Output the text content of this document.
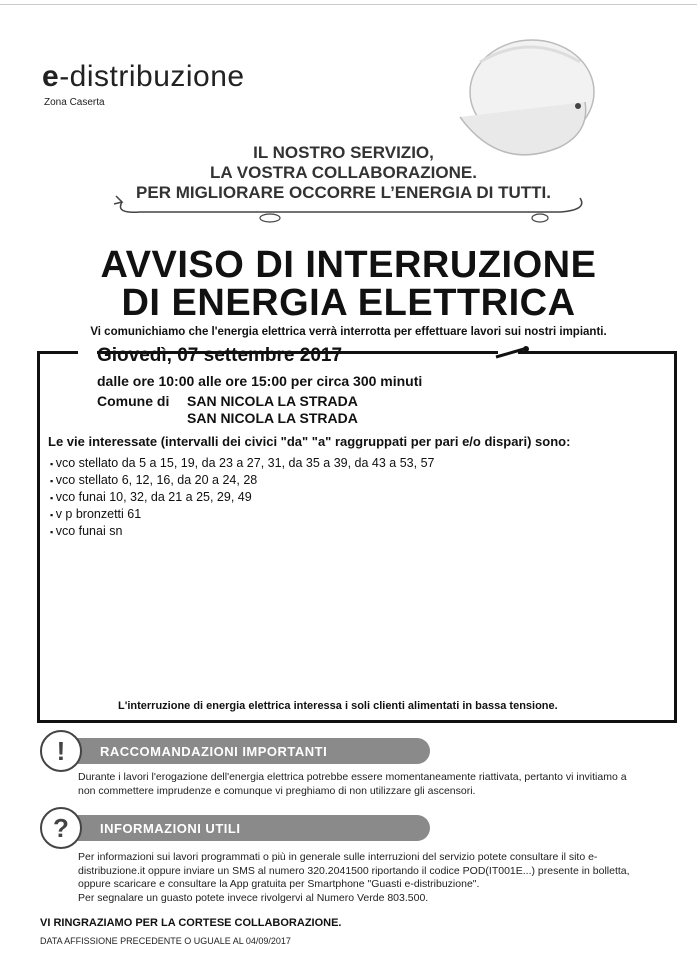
e-distribuzione
Zona Caserta
IL NOSTRO SERVIZIO,
LA VOSTRA COLLABORAZIONE.
PER MIGLIORARE OCCORRE L’ENERGIA DI TUTTI.
AVVISO DI INTERRUZIONE
DI ENERGIA ELETTRICA
Vi comunichiamo che l'energia elettrica verrà interrotta per effettuare lavori sui nostri impianti.
Giovedì, 07 settembre 2017
dalle ore 10:00 alle ore 15:00 per circa 300 minuti
Comune di SAN NICOLA LA STRADA
SAN NICOLA LA STRADA
Le vie interessate (intervalli dei civici "da" "a" raggruppati per pari e/o dispari) sono:
▪ vco stellato da 5 a 15, 19, da 23 a 27, 31, da 35 a 39, da 43 a 53, 57
▪ vco stellato 6, 12, 16, da 20 a 24, 28
▪ vco funai 10, 32, da 21 a 25, 29, 49
▪ v p bronzetti 61
▪ vco funai sn
L'interruzione di energia elettrica interessa i soli clienti alimentati in bassa tensione.
!	RACCOMANDAZIONI IMPORTANTI
Durante i lavori l'erogazione dell'energia elettrica potrebbe essere momentaneamente riattivata, pertanto vi invitiamo a non commettere imprudenze e comunque vi preghiamo di non utilizzare gli ascensori.
?	INFORMAZIONI UTILI
Per informazioni sui lavori programmati o più in generale sulle interruzioni del servizio potete consultare il sito e-distribuzione.it oppure inviare un SMS al numero 320.2041500 riportando il codice POD(IT001E...) presente in bolletta, oppure scaricare e consultare la App gratuita per Smartphone "Guasti e-distribuzione".
Per segnalare un guasto potete invece rivolgervi al Numero Verde 803.500.
VI RINGRAZIAMO PER LA CORTESE COLLABORAZIONE.
DATA AFFISSIONE PRECEDENTE O UGUALE AL 04/09/2017
